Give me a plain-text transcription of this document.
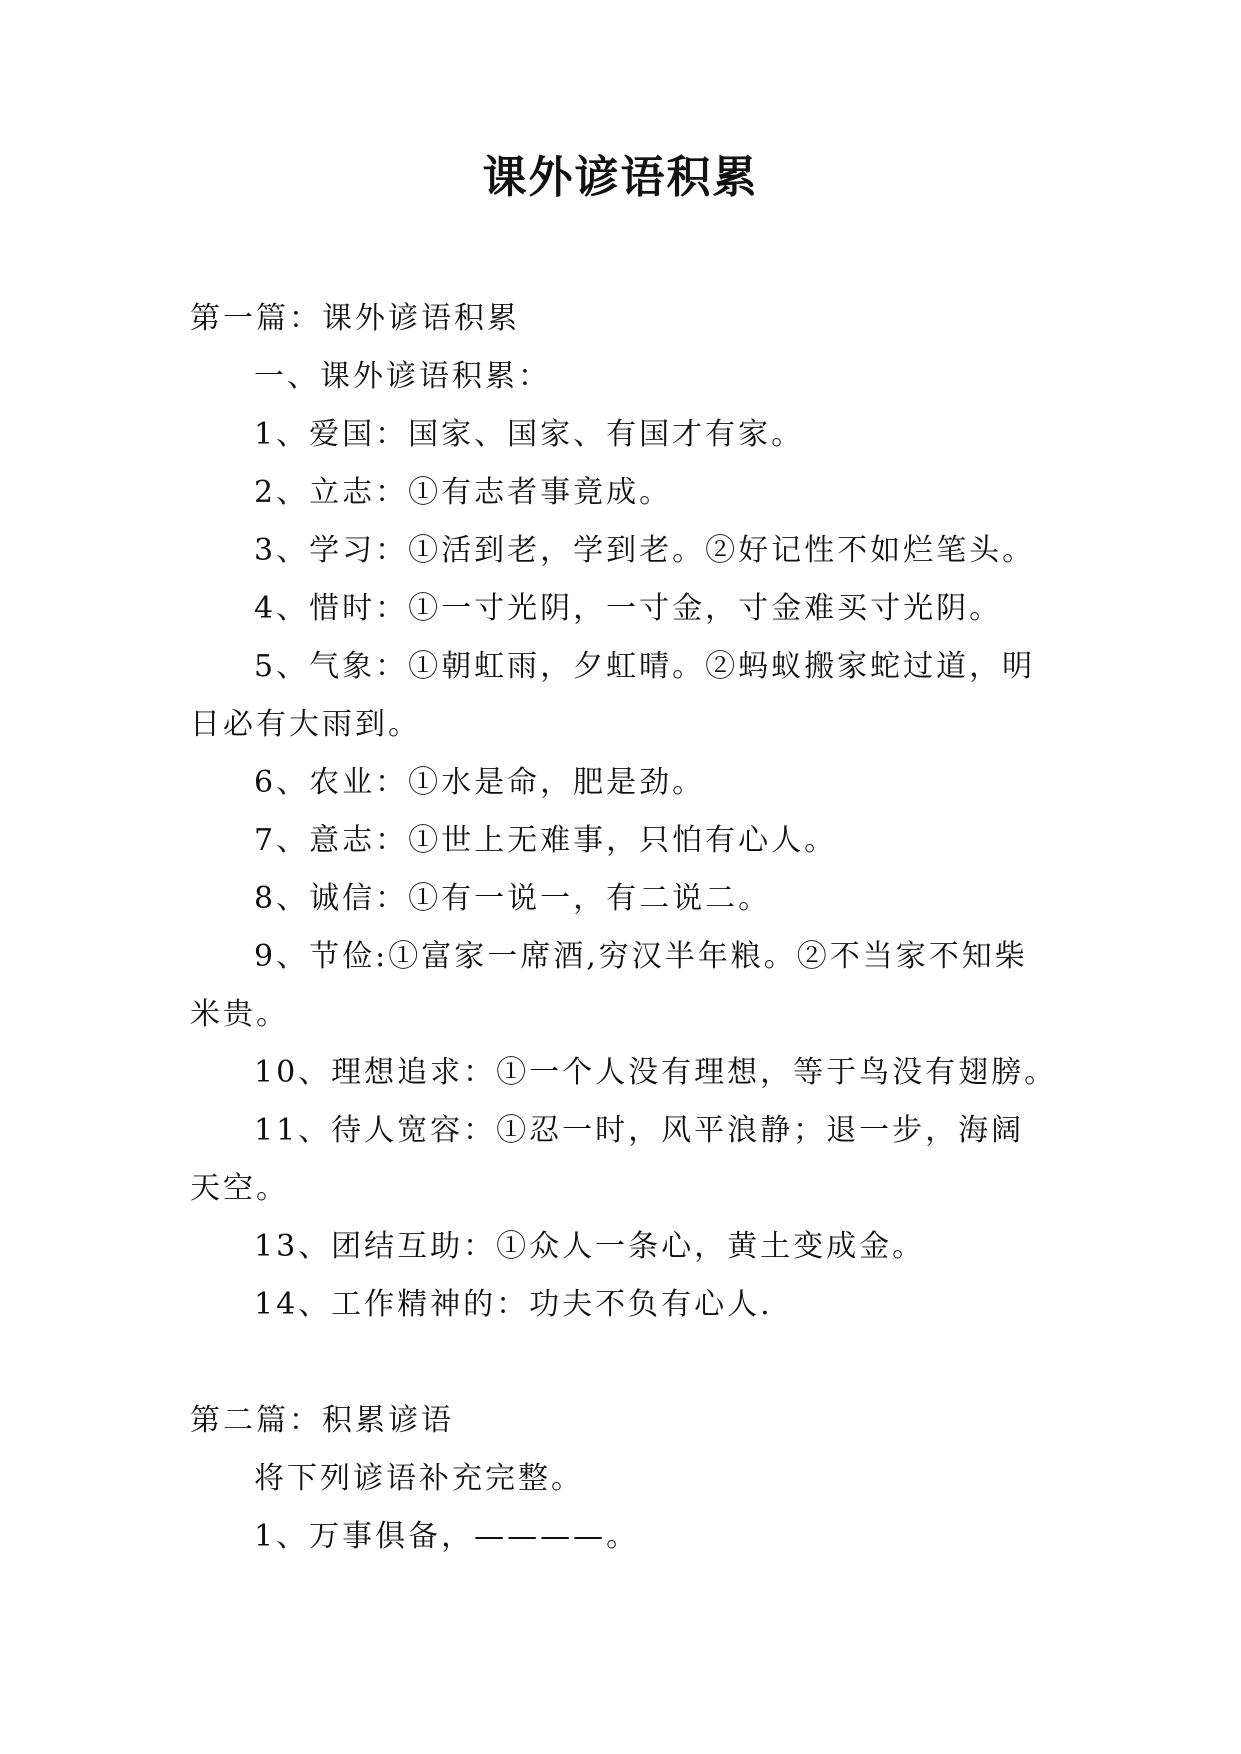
课外谚语积累

第一篇：课外谚语积累

一、课外谚语积累：

1、爱国：国家、国家、有国才有家。

2、立志：①有志者事竟成。

3、学习：①活到老，学到老。②好记性不如烂笔头。

4、惜时：①一寸光阴，一寸金，寸金难买寸光阴。

5、气象：①朝虹雨，夕虹晴。②蚂蚁搬家蛇过道，明日必有大雨到。

6、农业：①水是命，肥是劲。

7、意志：①世上无难事，只怕有心人。

8、诚信：①有一说一，有二说二。

9、节俭:①富家一席酒,穷汉半年粮。②不当家不知柴米贵。

10、理想追求：①一个人没有理想，等于鸟没有翅膀。

11、待人宽容：①忍一时，风平浪静；退一步，海阔天空。

13、团结互助：①众人一条心，黄土变成金。

14、工作精神的：功夫不负有心人.

第二篇：积累谚语

将下列谚语补充完整。

1、万事俱备，————。
